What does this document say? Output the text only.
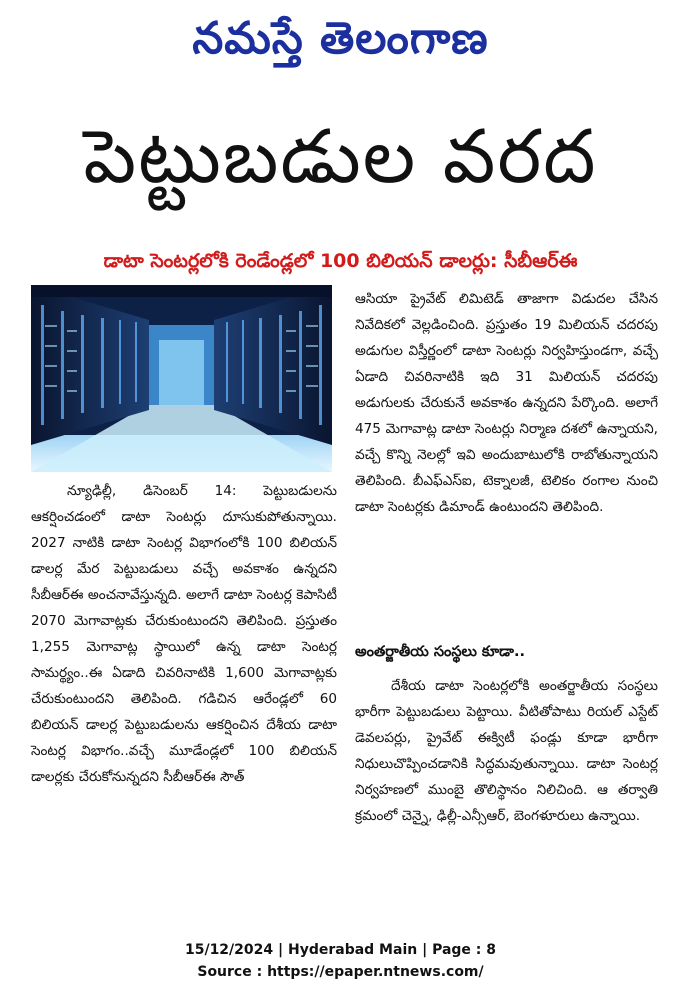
నమస్తే తెలంగాణ
పెట్టుబడుల వరద
డాటా సెంటర్లలోకి రెండేండ్లలో 100 బిలియన్ డాలర్లు: సీబీఆర్ఈ

న్యూఢిల్లీ, డిసెంబర్ 14: పెట్టుబడులను ఆకర్షించడంలో డాటా సెంటర్లు దూసుకుపోతున్నాయి. 2027 నాటికి డాటా సెంటర్ల విభాగంలోకి 100 బిలియన్ డాలర్ల మేర పెట్టుబడులు వచ్చే అవకాశం ఉన్నదని సీబీఆర్ఈ అంచనావేస్తున్నది. అలాగే డాటా సెంటర్ల కెపాసిటీ 2070 మెగావాట్లకు చేరుకుంటుందని తెలిపింది. ప్రస్తుతం 1,255 మెగావాట్ల స్థాయిలో ఉన్న డాటా సెంటర్ల సామర్థ్యం..ఈ ఏడాది చివరినాటికి 1,600 మెగావాట్లకు చేరుకుంటుందని తెలిపింది. గడిచిన ఆరేండ్లలో 60 బిలియన్ డాలర్ల పెట్టుబడులను ఆకర్షించిన దేశీయ డాటా సెంటర్ల విభాగం..వచ్చే మూడేండ్లలో 100 బిలియన్ డాలర్లకు చేరుకోనున్నదని సీబీఆర్ఈ సౌత్

ఆసియా ప్రైవేట్ లిమిటెడ్ తాజాగా విడుదల చేసిన నివేదికలో వెల్లడించింది. ప్రస్తుతం 19 మిలియన్ చదరపు అడుగుల విస్తీర్ణంలో డాటా సెంటర్లు నిర్వహిస్తుండగా, వచ్చే ఏడాది చివరినాటికి ఇది 31 మిలియన్ చదరపు అడుగులకు చేరుకునే అవకాశం ఉన్నదని పేర్కొంది. అలాగే 475 మెగావాట్ల డాటా సెంటర్లు నిర్మాణ దశలో ఉన్నాయని, వచ్చే కొన్ని నెలల్లో ఇవి అందుబాటులోకి రాబోతున్నాయని తెలిపింది. బీఎఫ్ఎస్ఐ, టెక్నాలజీ, టెలికం రంగాల నుంచి డాటా సెంటర్లకు డిమాండ్ ఉంటుందని తెలిపింది.

అంతర్జాతీయ సంస్థలు కూడా..

దేశీయ డాటా సెంటర్లలోకి అంతర్జాతీయ సంస్థలు భారీగా పెట్టుబడులు పెట్టాయి. వీటితోపాటు రియల్ ఎస్టేట్ డెవలపర్లు, ప్రైవేట్ ఈక్విటీ ఫండ్లు కూడా భారీగా నిధులుచొప్పించడానికి సిద్ధమవుతున్నాయి. డాటా సెంటర్ల నిర్వహణలో ముంబై తొలిస్థానం నిలిచింది. ఆ తర్వాతి క్రమంలో చెన్నై, ఢిల్లీ-ఎన్సీఆర్, బెంగళూరులు ఉన్నాయి.

15/12/2024 | Hyderabad Main | Page : 8
Source : https://epaper.ntnews.com/
